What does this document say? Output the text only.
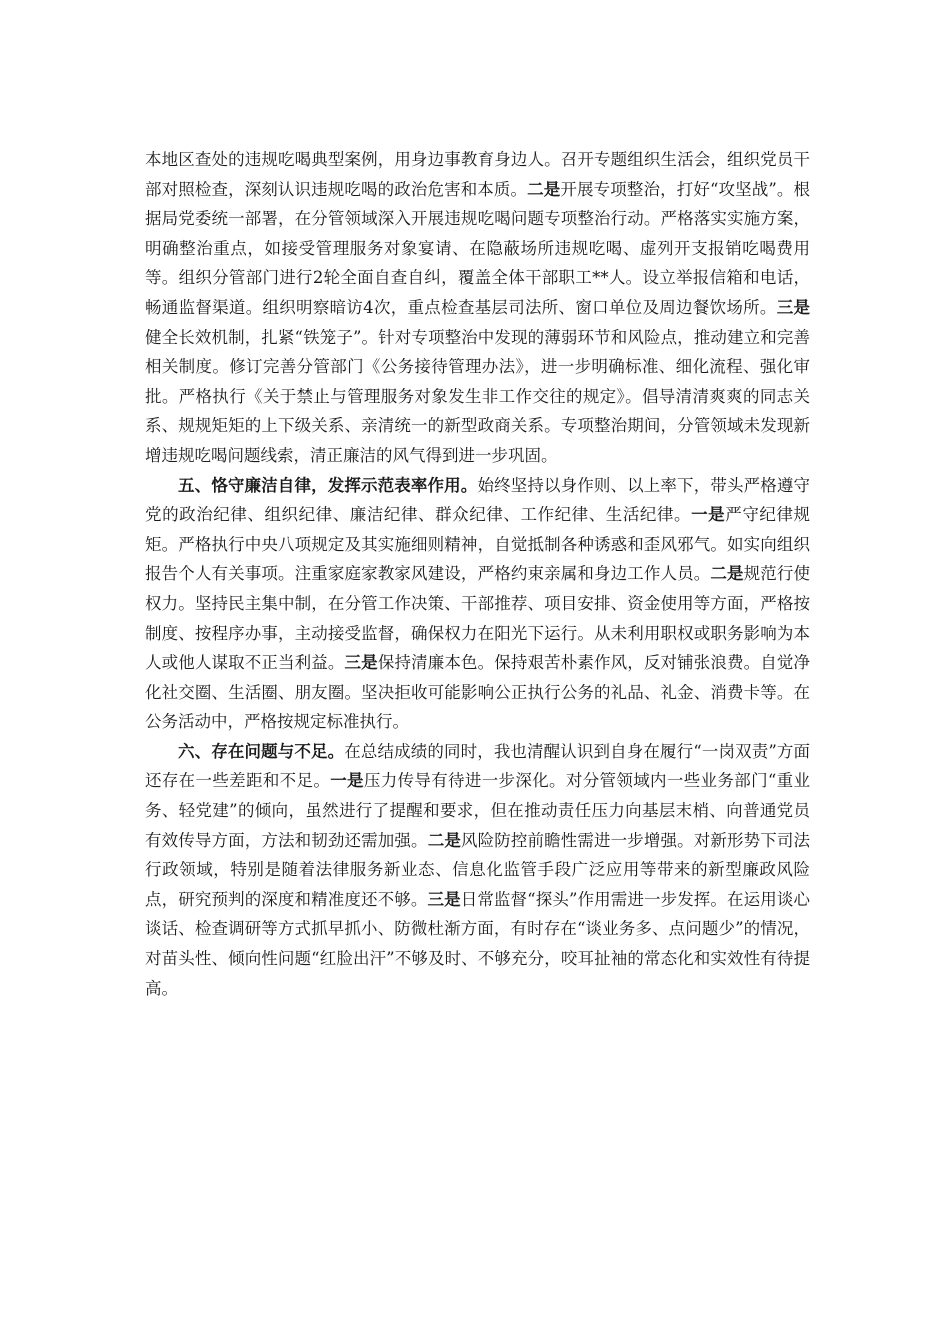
本地区查处的违规吃喝典型案例，用身边事教育身边人。召开专题组织生活会，组织党员干部对照检查，深刻认识违规吃喝的政治危害和本质。二是开展专项整治，打好“攻坚战”。根据局党委统一部署，在分管领域深入开展违规吃喝问题专项整治行动。严格落实实施方案，明确整治重点，如接受管理服务对象宴请、在隐蔽场所违规吃喝、虚列开支报销吃喝费用等。组织分管部门进行2轮全面自查自纠，覆盖全体干部职工**人。设立举报信箱和电话，畅通监督渠道。组织明察暗访4次，重点检查基层司法所、窗口单位及周边餐饮场所。三是健全长效机制，扎紧“铁笼子”。针对专项整治中发现的薄弱环节和风险点，推动建立和完善相关制度。修订完善分管部门《公务接待管理办法》，进一步明确标准、细化流程、强化审批。严格执行《关于禁止与管理服务对象发生非工作交往的规定》。倡导清清爽爽的同志关系、规规矩矩的上下级关系、亲清统一的新型政商关系。专项整治期间，分管领域未发现新增违规吃喝问题线索，清正廉洁的风气得到进一步巩固。

五、恪守廉洁自律，发挥示范表率作用。始终坚持以身作则、以上率下，带头严格遵守党的政治纪律、组织纪律、廉洁纪律、群众纪律、工作纪律、生活纪律。一是严守纪律规矩。严格执行中央八项规定及其实施细则精神，自觉抵制各种诱惑和歪风邪气。如实向组织报告个人有关事项。注重家庭家教家风建设，严格约束亲属和身边工作人员。二是规范行使权力。坚持民主集中制，在分管工作决策、干部推荐、项目安排、资金使用等方面，严格按制度、按程序办事，主动接受监督，确保权力在阳光下运行。从未利用职权或职务影响为本人或他人谋取不正当利益。三是保持清廉本色。保持艰苦朴素作风，反对铺张浪费。自觉净化社交圈、生活圈、朋友圈。坚决拒收可能影响公正执行公务的礼品、礼金、消费卡等。在公务活动中，严格按规定标准执行。

六、存在问题与不足。在总结成绩的同时，我也清醒认识到自身在履行“一岗双责”方面还存在一些差距和不足。一是压力传导有待进一步深化。对分管领域内一些业务部门“重业务、轻党建”的倾向，虽然进行了提醒和要求，但在推动责任压力向基层末梢、向普通党员有效传导方面，方法和韧劲还需加强。二是风险防控前瞻性需进一步增强。对新形势下司法行政领域，特别是随着法律服务新业态、信息化监管手段广泛应用等带来的新型廉政风险点，研究预判的深度和精准度还不够。三是日常监督“探头”作用需进一步发挥。在运用谈心谈话、检查调研等方式抓早抓小、防微杜渐方面，有时存在“谈业务多、点问题少”的情况，对苗头性、倾向性问题“红脸出汗”不够及时、不够充分，咬耳扯袖的常态化和实效性有待提高。
